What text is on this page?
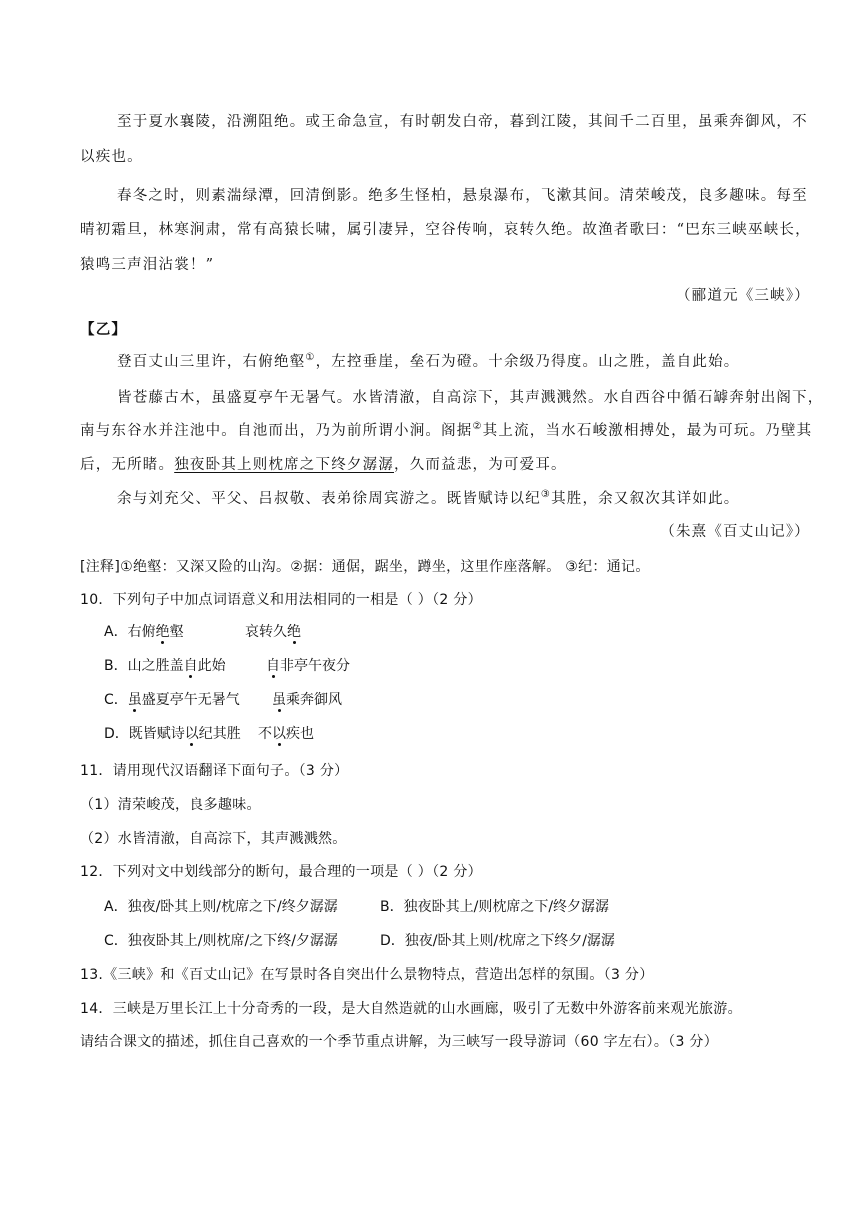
至于夏水襄陵，沿溯阻绝。或王命急宣，有时朝发白帝，暮到江陵，其间千二百里，虽乘奔御风，不
以疾也。
春冬之时，则素湍绿潭，回清倒影。绝多生怪柏，悬泉瀑布，飞漱其间。清荣峻茂，良多趣味。每至
晴初霜旦，林寒涧肃，常有高猿长啸，属引凄异，空谷传响，哀转久绝。故渔者歌曰：“巴东三峡巫峡长，
猿鸣三声泪沾裳！”
（郦道元《三峡》）
【乙】
登百丈山三里许，右俯绝壑①，左控垂崖，垒石为磴。十余级乃得度。山之胜，盖自此始。
皆苍藤古木，虽盛夏亭午无暑气。水皆清澈，自高淙下，其声溅溅然。水自西谷中循石罅奔射出阁下，
南与东谷水并注池中。自池而出，乃为前所谓小涧。阁据②其上流，当水石峻激相搏处，最为可玩。乃壁其
后，无所睹。独夜卧其上则枕席之下终夕潺潺，久而益悲，为可爱耳。
余与刘充父、平父、吕叔敬、表弟徐周宾游之。既皆赋诗以纪③其胜，余又叙次其详如此。
（朱熹《百丈山记》）
[注释]①绝壑：又深又险的山沟。②据：通倨，踞坐，蹲坐，这里作座落解。 ③纪：通记。
10．下列句子中加点词语意义和用法相同的一相是（ ）（2 分）
A．右俯绝壑	哀转久绝
B．山之胜盖自此始	自非亭午夜分
C．虽盛夏亭午无暑气 虽乘奔御风
D．既皆赋诗以纪其胜 不以疾也
11．请用现代汉语翻译下面句子。（3 分）
（1）清荣峻茂，良多趣味。
（2）水皆清澈，自高淙下，其声溅溅然。
12．下列对文中划线部分的断句，最合理的一项是（ ）（2 分）
A．独夜/卧其上则/枕席之下/终夕潺潺	B．独夜卧其上/则枕席之下/终夕潺潺
C．独夜卧其上/则枕席/之下终/夕潺潺	D．独夜/卧其上则/枕席之下终夕/潺潺
13.《三峡》和《百丈山记》在写景时各自突出什么景物特点，营造出怎样的氛围。（3 分）
14．三峡是万里长江上十分奇秀的一段，是大自然造就的山水画廊，吸引了无数中外游客前来观光旅游。
请结合课文的描述，抓住自己喜欢的一个季节重点讲解，为三峡写一段导游词（60 字左右）。（3 分）
